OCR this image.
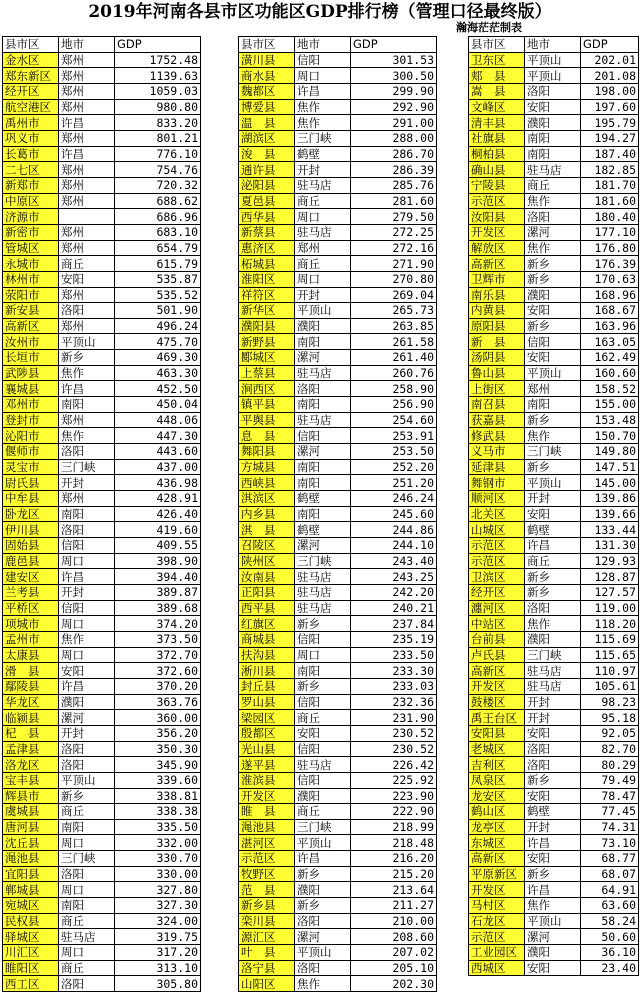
2019年河南各县市区功能区GDP排行榜（管理口径最终版）
瀚海茫茫制表
县市区	地市	GDP
金水区	郑州	1752.48
郑东新区	郑州	1139.63
经开区	郑州	1059.03
航空港区	郑州	980.80
禹州市	许昌	833.20
巩义市	郑州	801.21
长葛市	许昌	776.10
二七区	郑州	754.76
新郑市	郑州	720.32
中原区	郑州	688.62
济源市		686.96
新密市	郑州	683.10
管城区	郑州	654.79
永城市	商丘	615.79
林州市	安阳	535.87
荥阳市	郑州	535.52
新安县	洛阳	501.90
高新区	郑州	496.24
汝州市	平顶山	475.70
长垣市	新乡	469.30
武陟县	焦作	463.30
襄城县	许昌	452.50
邓州市	南阳	450.04
登封市	郑州	448.06
沁阳市	焦作	447.30
偃师市	洛阳	443.60
灵宝市	三门峡	437.00
尉氏县	开封	436.98
中牟县	郑州	428.91
卧龙区	南阳	426.40
伊川县	洛阳	419.60
固始县	信阳	409.55
鹿邑县	周口	398.90
建安区	许昌	394.40
兰考县	开封	389.87
平桥区	信阳	389.68
项城市	周口	374.20
孟州市	焦作	373.50
太康县	周口	372.70
滑　县	安阳	372.60
鄢陵县	许昌	370.20
华龙区	濮阳	363.76
临颍县	漯河	360.00
杞　县	开封	356.20
孟津县	洛阳	350.30
洛龙区	洛阳	345.90
宝丰县	平顶山	339.60
辉县市	新乡	338.81
虞城县	商丘	338.38
唐河县	南阳	335.50
沈丘县	周口	332.00
渑池县	三门峡	330.70
宜阳县	洛阳	330.00
郸城县	周口	327.80
宛城区	南阳	327.30
民权县	商丘	324.00
驿城区	驻马店	319.75
川汇区	周口	317.20
睢阳区	商丘	313.10
西工区	洛阳	305.80
县市区	地市	GDP
潢川县	信阳	301.53
商水县	周口	300.50
魏都区	许昌	299.90
博爱县	焦作	292.90
温　县	焦作	291.00
湖滨区	三门峡	288.00
浚　县	鹤壁	286.70
通许县	开封	286.39
泌阳县	驻马店	285.76
夏邑县	商丘	281.60
西华县	周口	279.50
新蔡县	驻马店	272.25
惠济区	郑州	272.16
柘城县	商丘	271.90
淮阳区	周口	270.80
祥符区	开封	269.04
新华区	平顶山	265.73
濮阳县	濮阳	263.85
新野县	南阳	261.58
郾城区	漯河	261.40
上蔡县	驻马店	260.76
涧西区	洛阳	258.90
镇平县	南阳	256.90
平舆县	驻马店	254.60
息　县	信阳	253.91
舞阳县	漯河	253.50
方城县	南阳	252.20
西峡县	南阳	251.20
淇滨区	鹤壁	246.24
内乡县	南阳	245.60
淇　县	鹤壁	244.86
召陵区	漯河	244.10
陕州区	三门峡	243.40
汝南县	驻马店	243.25
正阳县	驻马店	242.20
西平县	驻马店	240.21
红旗区	新乡	237.84
商城县	信阳	235.19
扶沟县	周口	233.50
淅川县	南阳	233.30
封丘县	新乡	233.03
罗山县	信阳	232.36
梁园区	商丘	231.90
殷都区	安阳	230.52
光山县	信阳	230.52
遂平县	驻马店	226.42
淮滨县	信阳	225.92
开发区	濮阳	223.90
睢　县	商丘	222.90
渑池县	三门峡	218.99
湛河区	平顶山	218.48
示范区	许昌	216.20
牧野区	新乡	215.20
范　县	濮阳	213.64
新乡县	新乡	211.27
栾川县	洛阳	210.00
源汇区	漯河	208.60
叶　县	平顶山	207.02
洛宁县	洛阳	205.10
山阳区	焦作	202.30
县市区	地市	GDP
卫东区	平顶山	202.01
郏　县	平顶山	201.08
嵩　县	洛阳	198.00
文峰区	安阳	197.60
清丰县	濮阳	195.79
社旗县	南阳	194.27
桐柏县	南阳	187.40
确山县	驻马店	182.85
宁陵县	商丘	181.70
示范区	焦作	181.60
汝阳县	洛阳	180.40
开发区	漯河	177.10
解放区	焦作	176.80
高新区	新乡	176.39
卫辉市	新乡	170.63
南乐县	濮阳	168.96
内黄县	安阳	168.67
原阳县	新乡	163.96
新　县	信阳	163.05
汤阴县	安阳	162.49
鲁山县	平顶山	160.60
上街区	郑州	158.52
南召县	南阳	155.00
获嘉县	新乡	153.48
修武县	焦作	150.70
义马市	三门峡	149.80
延津县	新乡	147.51
舞钢市	平顶山	145.00
顺河区	开封	139.86
北关区	安阳	139.66
山城区	鹤壁	133.44
示范区	许昌	131.30
示范区	商丘	129.93
卫滨区	新乡	128.87
经开区	新乡	127.57
瀍河区	洛阳	119.00
中站区	焦作	118.20
台前县	濮阳	115.69
卢氏县	三门峡	115.65
高新区	驻马店	110.97
开发区	驻马店	105.61
鼓楼区	开封	98.23
禹王台区	开封	95.18
安阳县	安阳	92.05
老城区	洛阳	82.70
吉利区	洛阳	80.29
凤泉区	新乡	79.49
龙安区	安阳	78.47
鹤山区	鹤壁	77.45
龙亭区	开封	74.31
东城区	许昌	73.10
高新区	安阳	68.77
平原新区	新乡	68.07
开发区	许昌	64.91
马村区	焦作	63.60
石龙区	平顶山	58.24
示范区	漯河	50.60
工业园区	濮阳	36.10
西城区	安阳	23.40
